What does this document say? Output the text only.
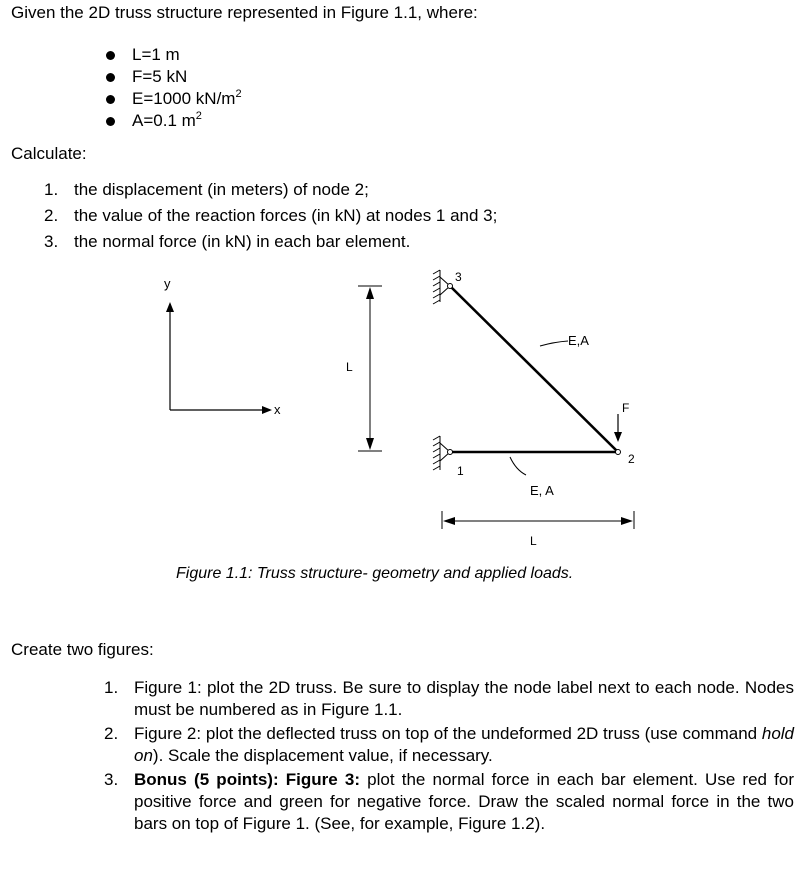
Given the 2D truss structure represented in Figure 1.1, where:
L=1 m
F=5 kN
E=1000 $kN/m^2$
A=0.1 $m^2$
Calculate:
1. the displacement (in meters) of node 2;
2. the value of the reaction forces (in kN) at nodes 1 and 3;
3. the normal force (in kN) in each bar element.
y
x
L
3
1
2
F
E,A
E, A
L
Figure 1.1: Truss structure- geometry and applied loads.
Create two figures:
1. Figure 1: plot the 2D truss. Be sure to display the node label next to each node. Nodes must be numbered as in Figure 1.1.
2. Figure 2: plot the deflected truss on top of the undeformed 2D truss (use command hold on). Scale the displacement value, if necessary.
3. Bonus (5 points): Figure 3: plot the normal force in each bar element. Use red for positive force and green for negative force. Draw the scaled normal force in the two bars on top of Figure 1. (See, for example, Figure 1.2).
